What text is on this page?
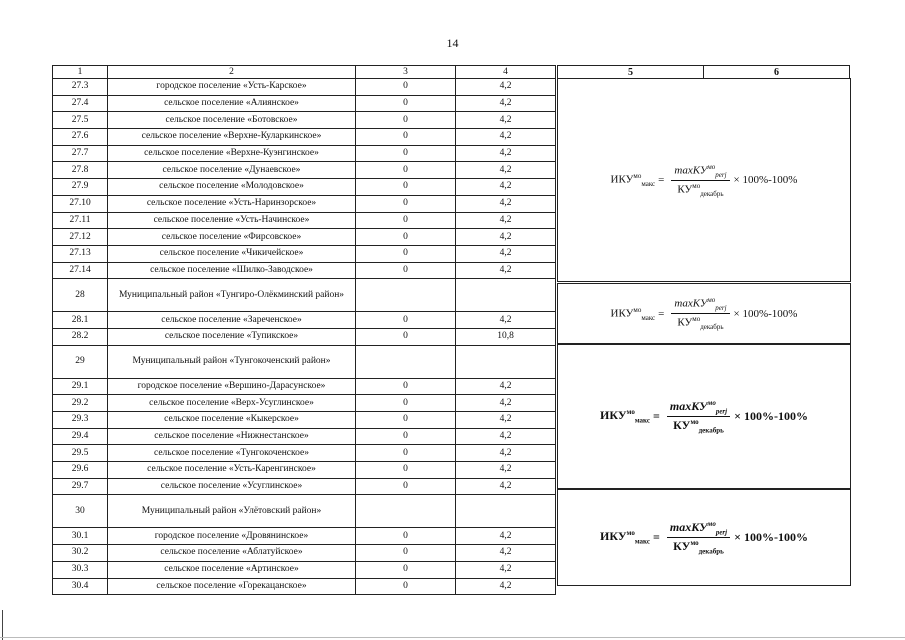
14
1	2	3	4
27.3	городское поселение «Усть-Карское»	0	4,2
27.4	сельское поселение «Алиянское»	0	4,2
27.5	сельское поселение «Ботовское»	0	4,2
27.6	сельское поселение «Верхне-Куларкинское»	0	4,2
27.7	сельское поселение «Верхне-Куэнгинское»	0	4,2
27.8	сельское поселение «Дунаевское»	0	4,2
27.9	сельское поселение «Молодовское»	0	4,2
27.10	сельское поселение «Усть-Наринзорское»	0	4,2
27.11	сельское поселение «Усть-Начинское»	0	4,2
27.12	сельское поселение «Фирсовское»	0	4,2
27.13	сельское поселение «Чикичейское»	0	4,2
27.14	сельское поселение «Шилко-Заводское»	0	4,2
28	Муниципальный район «Тунгиро-Олёкминский район»		
28.1	сельское поселение «Зареченское»	0	4,2
28.2	сельское поселение «Тупикское»	0	10,8
29	Муниципальный район «Тунгокоченский район»		
29.1	городское поселение «Вершино-Дарасунское»	0	4,2
29.2	сельское поселение «Верх-Усуглинское»	0	4,2
29.3	сельское поселение «Кыкерское»	0	4,2
29.4	сельское поселение «Нижнестанское»	0	4,2
29.5	сельское поселение «Тунгокоченское»	0	4,2
29.6	сельское поселение «Усть-Каренгинское»	0	4,2
29.7	сельское поселение «Усуглинское»	0	4,2
30	Муниципальный район «Улётовский район»		
30.1	городское поселение «Дровянинское»	0	4,2
30.2	сельское поселение «Аблатуйское»	0	4,2
30.3	сельское поселение «Артинское»	0	4,2
30.4	сельское поселение «Горекацанское»	0	4,2
5	6
$ИКУ^{мо}_{макс} = \frac{\max КУ^{мо}_{perj}}{КУ^{мо}_{декабрь}} \times 100\%-100\%$
$ИКУ^{мо}_{макс} = \frac{\max КУ^{мо}_{perj}}{КУ^{мо}_{декабрь}} \times 100\%-100\%$
$ИКУ^{мо}_{макс} = \frac{\max КУ^{мо}_{perj}}{КУ^{мо}_{декабрь}} \times 100\%-100\%$
$ИКУ^{мо}_{макс} = \frac{\max КУ^{мо}_{perj}}{КУ^{мо}_{декабрь}} \times 100\%-100\%$
